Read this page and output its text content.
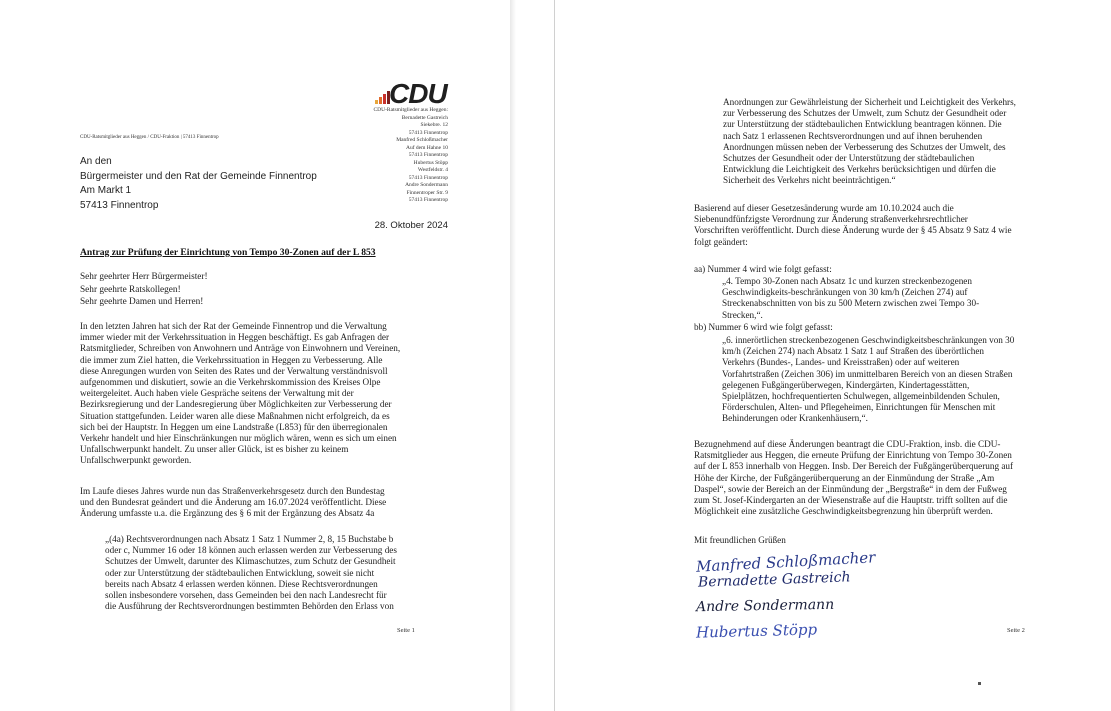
CDU
CDU-Ratsmitglieder aus Heggen:
Bernadette Gastreich
Siekebre. 12
57413 Finnentrop
Manfred Schloßmacher
Auf dem Hahne 10
57413 Finnentrop
Hubertus Stöpp
Westfeldstr. 4
57413 Finnentrop
Andre Sondermann
Finnentroper Str. 9
57413 Finnentrop
CDU-Ratsmitglieder aus Heggen / CDU-Fraktion | 57413 Finnentrop
An den
Bürgermeister und den Rat der Gemeinde Finnentrop
Am Markt 1
57413 Finnentrop
28. Oktober 2024
Antrag zur Prüfung der Einrichtung von Tempo 30-Zonen auf der L 853
Sehr geehrter Herr Bürgermeister!
Sehr geehrte Ratskollegen!
Sehr geehrte Damen und Herren!
In den letzten Jahren hat sich der Rat der Gemeinde Finnentrop und die Verwaltung
immer wieder mit der Verkehrssituation in Heggen beschäftigt. Es gab Anfragen der
Ratsmitglieder, Schreiben von Anwohnern und Anträge von Einwohnern und Vereinen,
die immer zum Ziel hatten, die Verkehrssituation in Heggen zu Verbesserung. Alle
diese Anregungen wurden von Seiten des Rates und der Verwaltung verständnisvoll
aufgenommen und diskutiert, sowie an die Verkehrskommission des Kreises Olpe
weitergeleitet. Auch haben viele Gespräche seitens der Verwaltung mit der
Bezirksregierung und der Landesregierung über Möglichkeiten zur Verbesserung der
Situation stattgefunden. Leider waren alle diese Maßnahmen nicht erfolgreich, da es
sich bei der Hauptstr. In Heggen um eine Landstraße (L853) für den überregionalen
Verkehr handelt und hier Einschränkungen nur möglich wären, wenn es sich um einen
Unfallschwerpunkt handelt. Zu unser aller Glück, ist es bisher zu keinem
Unfallschwerpunkt geworden.
Im Laufe dieses Jahres wurde nun das Straßenverkehrsgesetz durch den Bundestag
und den Bundesrat geändert und die Änderung am 16.07.2024 veröffentlicht. Diese
Änderung umfasste u.a. die Ergänzung des § 6 mit der Ergänzung des Absatz 4a
„(4a) Rechtsverordnungen nach Absatz 1 Satz 1 Nummer 2, 8, 15 Buchstabe b
oder c, Nummer 16 oder 18 können auch erlassen werden zur Verbesserung des
Schutzes der Umwelt, darunter des Klimaschutzes, zum Schutz der Gesundheit
oder zur Unterstützung der städtebaulichen Entwicklung, soweit sie nicht
bereits nach Absatz 4 erlassen werden können. Diese Rechtsverordnungen
sollen insbesondere vorsehen, dass Gemeinden bei den nach Landesrecht für
die Ausführung der Rechtsverordnungen bestimmten Behörden den Erlass von
Seite 1
Anordnungen zur Gewährleistung der Sicherheit und Leichtigkeit des Verkehrs,
zur Verbesserung des Schutzes der Umwelt, zum Schutz der Gesundheit oder
zur Unterstützung der städtebaulichen Entwicklung beantragen können. Die
nach Satz 1 erlassenen Rechtsverordnungen und auf ihnen beruhenden
Anordnungen müssen neben der Verbesserung des Schutzes der Umwelt, des
Schutzes der Gesundheit oder der Unterstützung der städtebaulichen
Entwicklung die Leichtigkeit des Verkehrs berücksichtigen und dürfen die
Sicherheit des Verkehrs nicht beeinträchtigen.“
Basierend auf dieser Gesetzesänderung wurde am 10.10.2024 auch die
Siebenundfünfzigste Verordnung zur Änderung straßenverkehrsrechtlicher
Vorschriften veröffentlicht. Durch diese Änderung wurde der § 45 Absatz 9 Satz 4 wie
folgt geändert:
aa) Nummer 4 wird wie folgt gefasst:
„4. Tempo 30-Zonen nach Absatz 1c und kurzen streckenbezogenen
Geschwindigkeits-beschränkungen von 30 km/h (Zeichen 274) auf
Streckenabschnitten von bis zu 500 Metern zwischen zwei Tempo 30-
Strecken,“.
bb) Nummer 6 wird wie folgt gefasst:
„6. innerörtlichen streckenbezogenen Geschwindigkeitsbeschränkungen von 30
km/h (Zeichen 274) nach Absatz 1 Satz 1 auf Straßen des überörtlichen
Verkehrs (Bundes-, Landes- und Kreisstraßen) oder auf weiteren
Vorfahrtstraßen (Zeichen 306) im unmittelbaren Bereich von an diesen Straßen
gelegenen Fußgängerüberwegen, Kindergärten, Kindertagesstätten,
Spielplätzen, hochfrequentierten Schulwegen, allgemeinbildenden Schulen,
Förderschulen, Alten- und Pflegeheimen, Einrichtungen für Menschen mit
Behinderungen oder Krankenhäusern,“.
Bezugnehmend auf diese Änderungen beantragt die CDU-Fraktion, insb. die CDU-
Ratsmitglieder aus Heggen, die erneute Prüfung der Einrichtung von Tempo 30-Zonen
auf der L 853 innerhalb von Heggen. Insb. Der Bereich der Fußgängerüberquerung auf
Höhe der Kirche, der Fußgängerüberquerung an der Einmündung der Straße „Am
Daspel“, sowie der Bereich an der Einmündung der „Bergstraße“ in dem der Fußweg
zum St. Josef-Kindergarten an der Wiesenstraße auf die Hauptstr. trifft sollten auf die
Möglichkeit eine zusätzliche Geschwindigkeitsbegrenzung hin überprüft werden.
Mit freundlichen Grüßen
Manfred Schloßmacher
Bernadette Gastreich
Andre Sondermann
Hubertus Stöpp	Seite 2
